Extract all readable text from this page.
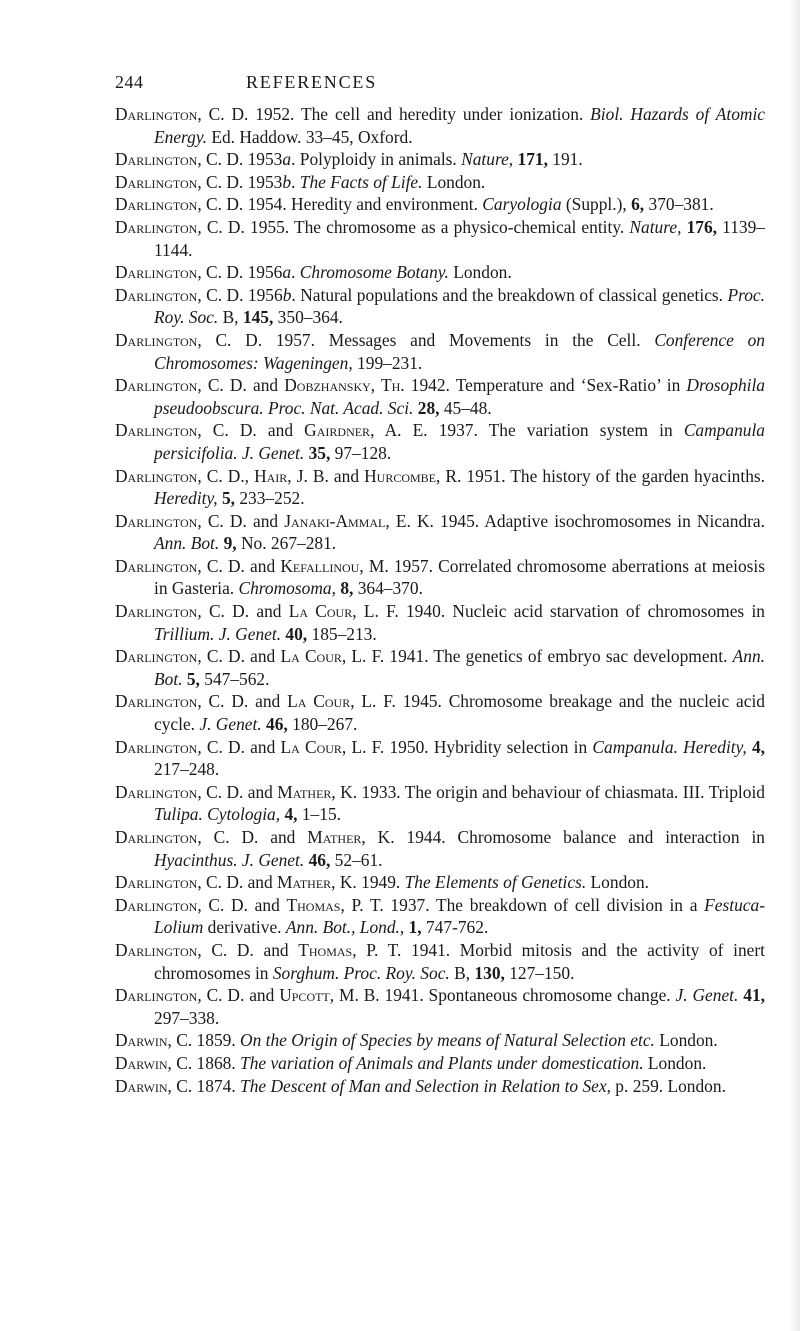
244	REFERENCES

Darlington, C. D. 1952. The cell and heredity under ionization. Biol. Hazards of Atomic Energy. Ed. Haddow. 33–45, Oxford.

Darlington, C. D. 1953a. Polyploidy in animals. Nature, 171, 191.

Darlington, C. D. 1953b. The Facts of Life. London.

Darlington, C. D. 1954. Heredity and environment. Caryologia (Suppl.), 6, 370–381.

Darlington, C. D. 1955. The chromosome as a physico-chemical entity. Nature, 176, 1139–1144.

Darlington, C. D. 1956a. Chromosome Botany. London.

Darlington, C. D. 1956b. Natural populations and the breakdown of classical genetics. Proc. Roy. Soc. B, 145, 350–364.

Darlington, C. D. 1957. Messages and Movements in the Cell. Conference on Chromosomes: Wageningen, 199–231.

Darlington, C. D. and Dobzhansky, Th. 1942. Temperature and ‘Sex-Ratio’ in Drosophila pseudoobscura. Proc. Nat. Acad. Sci. 28, 45–48.

Darlington, C. D. and Gairdner, A. E. 1937. The variation system in Campanula persicifolia. J. Genet. 35, 97–128.

Darlington, C. D., Hair, J. B. and Hurcombe, R. 1951. The history of the garden hyacinths. Heredity, 5, 233–252.

Darlington, C. D. and Janaki-Ammal, E. K. 1945. Adaptive isochromosomes in Nicandra. Ann. Bot. 9, No. 267–281.

Darlington, C. D. and Kefallinou, M. 1957. Correlated chromosome aberrations at meiosis in Gasteria. Chromosoma, 8, 364–370.

Darlington, C. D. and La Cour, L. F. 1940. Nucleic acid starvation of chromosomes in Trillium. J. Genet. 40, 185–213.

Darlington, C. D. and La Cour, L. F. 1941. The genetics of embryo sac development. Ann. Bot. 5, 547–562.

Darlington, C. D. and La Cour, L. F. 1945. Chromosome breakage and the nucleic acid cycle. J. Genet. 46, 180–267.

Darlington, C. D. and La Cour, L. F. 1950. Hybridity selection in Campanula. Heredity, 4, 217–248.

Darlington, C. D. and Mather, K. 1933. The origin and behaviour of chiasmata. III. Triploid Tulipa. Cytologia, 4, 1–15.

Darlington, C. D. and Mather, K. 1944. Chromosome balance and interaction in Hyacinthus. J. Genet. 46, 52–61.

Darlington, C. D. and Mather, K. 1949. The Elements of Genetics. London.

Darlington, C. D. and Thomas, P. T. 1937. The breakdown of cell division in a Festuca-Lolium derivative. Ann. Bot., Lond., 1, 747-762.

Darlington, C. D. and Thomas, P. T. 1941. Morbid mitosis and the activity of inert chromosomes in Sorghum. Proc. Roy. Soc. B, 130, 127–150.

Darlington, C. D. and Upcott, M. B. 1941. Spontaneous chromosome change. J. Genet. 41, 297–338.

Darwin, C. 1859. On the Origin of Species by means of Natural Selection etc. London.

Darwin, C. 1868. The variation of Animals and Plants under domestication. London.

Darwin, C. 1874. The Descent of Man and Selection in Relation to Sex, p. 259. London.
